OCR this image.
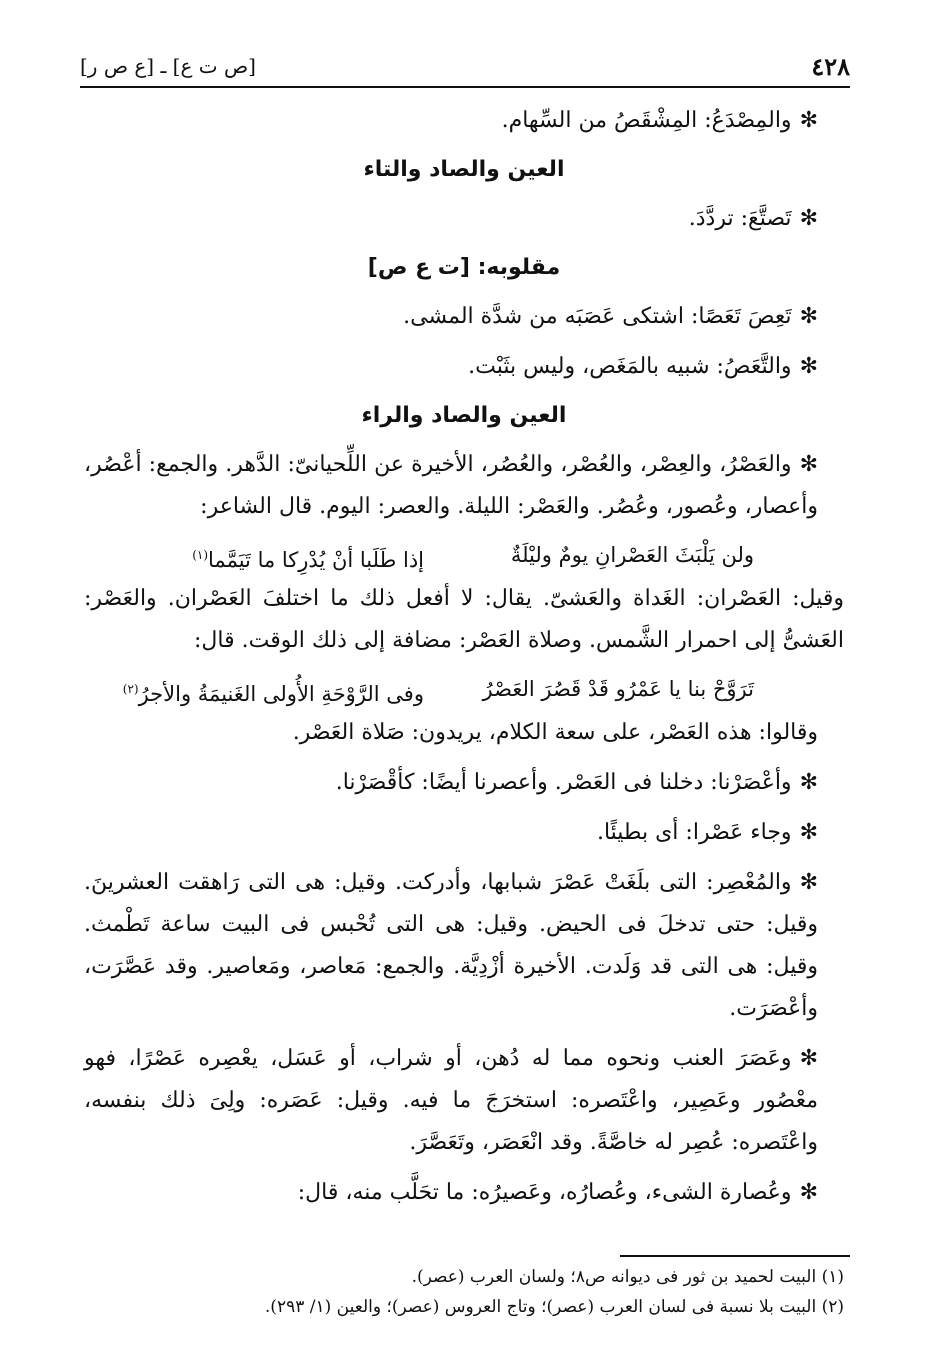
٤٢٨
[ص ت ع] ـ [ع ص ر]

✻والمِصْدَعُ: المِشْقَصُ من السِّهام.

العين والصاد والتاء

✻تَصتَّعَ: تردَّدَ.

مقلوبه: [ت ع ص]

✻تَعِصَ تَعَصًا: اشتكى عَصَبَه من شدَّة المشى.

✻والتَّعَصُ: شبيه بالمَغَص، وليس بثَبْت.

العين والصاد والراء

✻والعَصْرُ، والعِصْر، والعُصْر، والعُصُر، الأخيرة عن اللِّحيانىّ: الدَّهر. والجمع: أعْصُر، وأعصار، وعُصور، وعُصُر. والعَصْر: الليلة. والعصر: اليوم. قال الشاعر:

ولن يَلْبَثَ العَصْرانِ يومٌ وليْلَةٌ
إذا طَلَبا أنْ يُدْرِكا ما تَيَمَّما$^{(١)}$

وقيل: العَصْران: الغَداة والعَشىّ. يقال: لا أفعل ذلك ما اختلفَ العَصْران. والعَصْر: العَشىُّ إلى احمرار الشَّمس. وصلاة العَصْر: مضافة إلى ذلك الوقت. قال:

تَرَوَّحْ بنا يا عَمْرُو قَدْ قَصُرَ العَصْرُ
وفى الرَّوْحَةِ الأُولى الغَنيمَةُ والأجرُ$^{(٢)}$

وقالوا: هذه العَصْر، على سعة الكلام، يريدون: صَلاة العَصْر.

✻وأعْصَرْنا: دخلنا فى العَصْر. وأعصرنا أيضًا: كأقْصَرْنا.

✻وجاء عَصْرا: أى بطيئًا.

✻والمُعْصِر: التى بلَغَتْ عَصْرَ شبابها، وأدركت. وقيل: هى التى رَاهقت العشرينَ. وقيل: حتى تدخلَ فى الحيض. وقيل: هى التى تُحْبس فى البيت ساعة تَطْمث. وقيل: هى التى قد وَلَدت. الأخيرة أزْدِيَّة. والجمع: مَعاصر، ومَعاصير. وقد عَصَّرَت، وأعْصَرَت.

✻وعَصَرَ العنب ونحوه مما له دُهن، أو شراب، أو عَسَل، يعْصِره عَصْرًا، فهو معْصُور وعَصِير، واعْتَصره: استخرَجَ ما فيه. وقيل: عَصَره: ولِىَ ذلك بنفسه، واعْتَصره: عُصِر له خاصَّةً. وقد انْعَصَر، وتَعَصَّرَ.

✻وعُصارة الشىء، وعُصارُه، وعَصيرُه: ما تحَلَّب منه، قال:

(١) البيت لحميد بن ثور فى ديوانه ص٨؛ ولسان العرب (عصر).
(٢) البيت بلا نسبة فى لسان العرب (عصر)؛ وتاج العروس (عصر)؛ والعين (١/ ٢٩٣).
